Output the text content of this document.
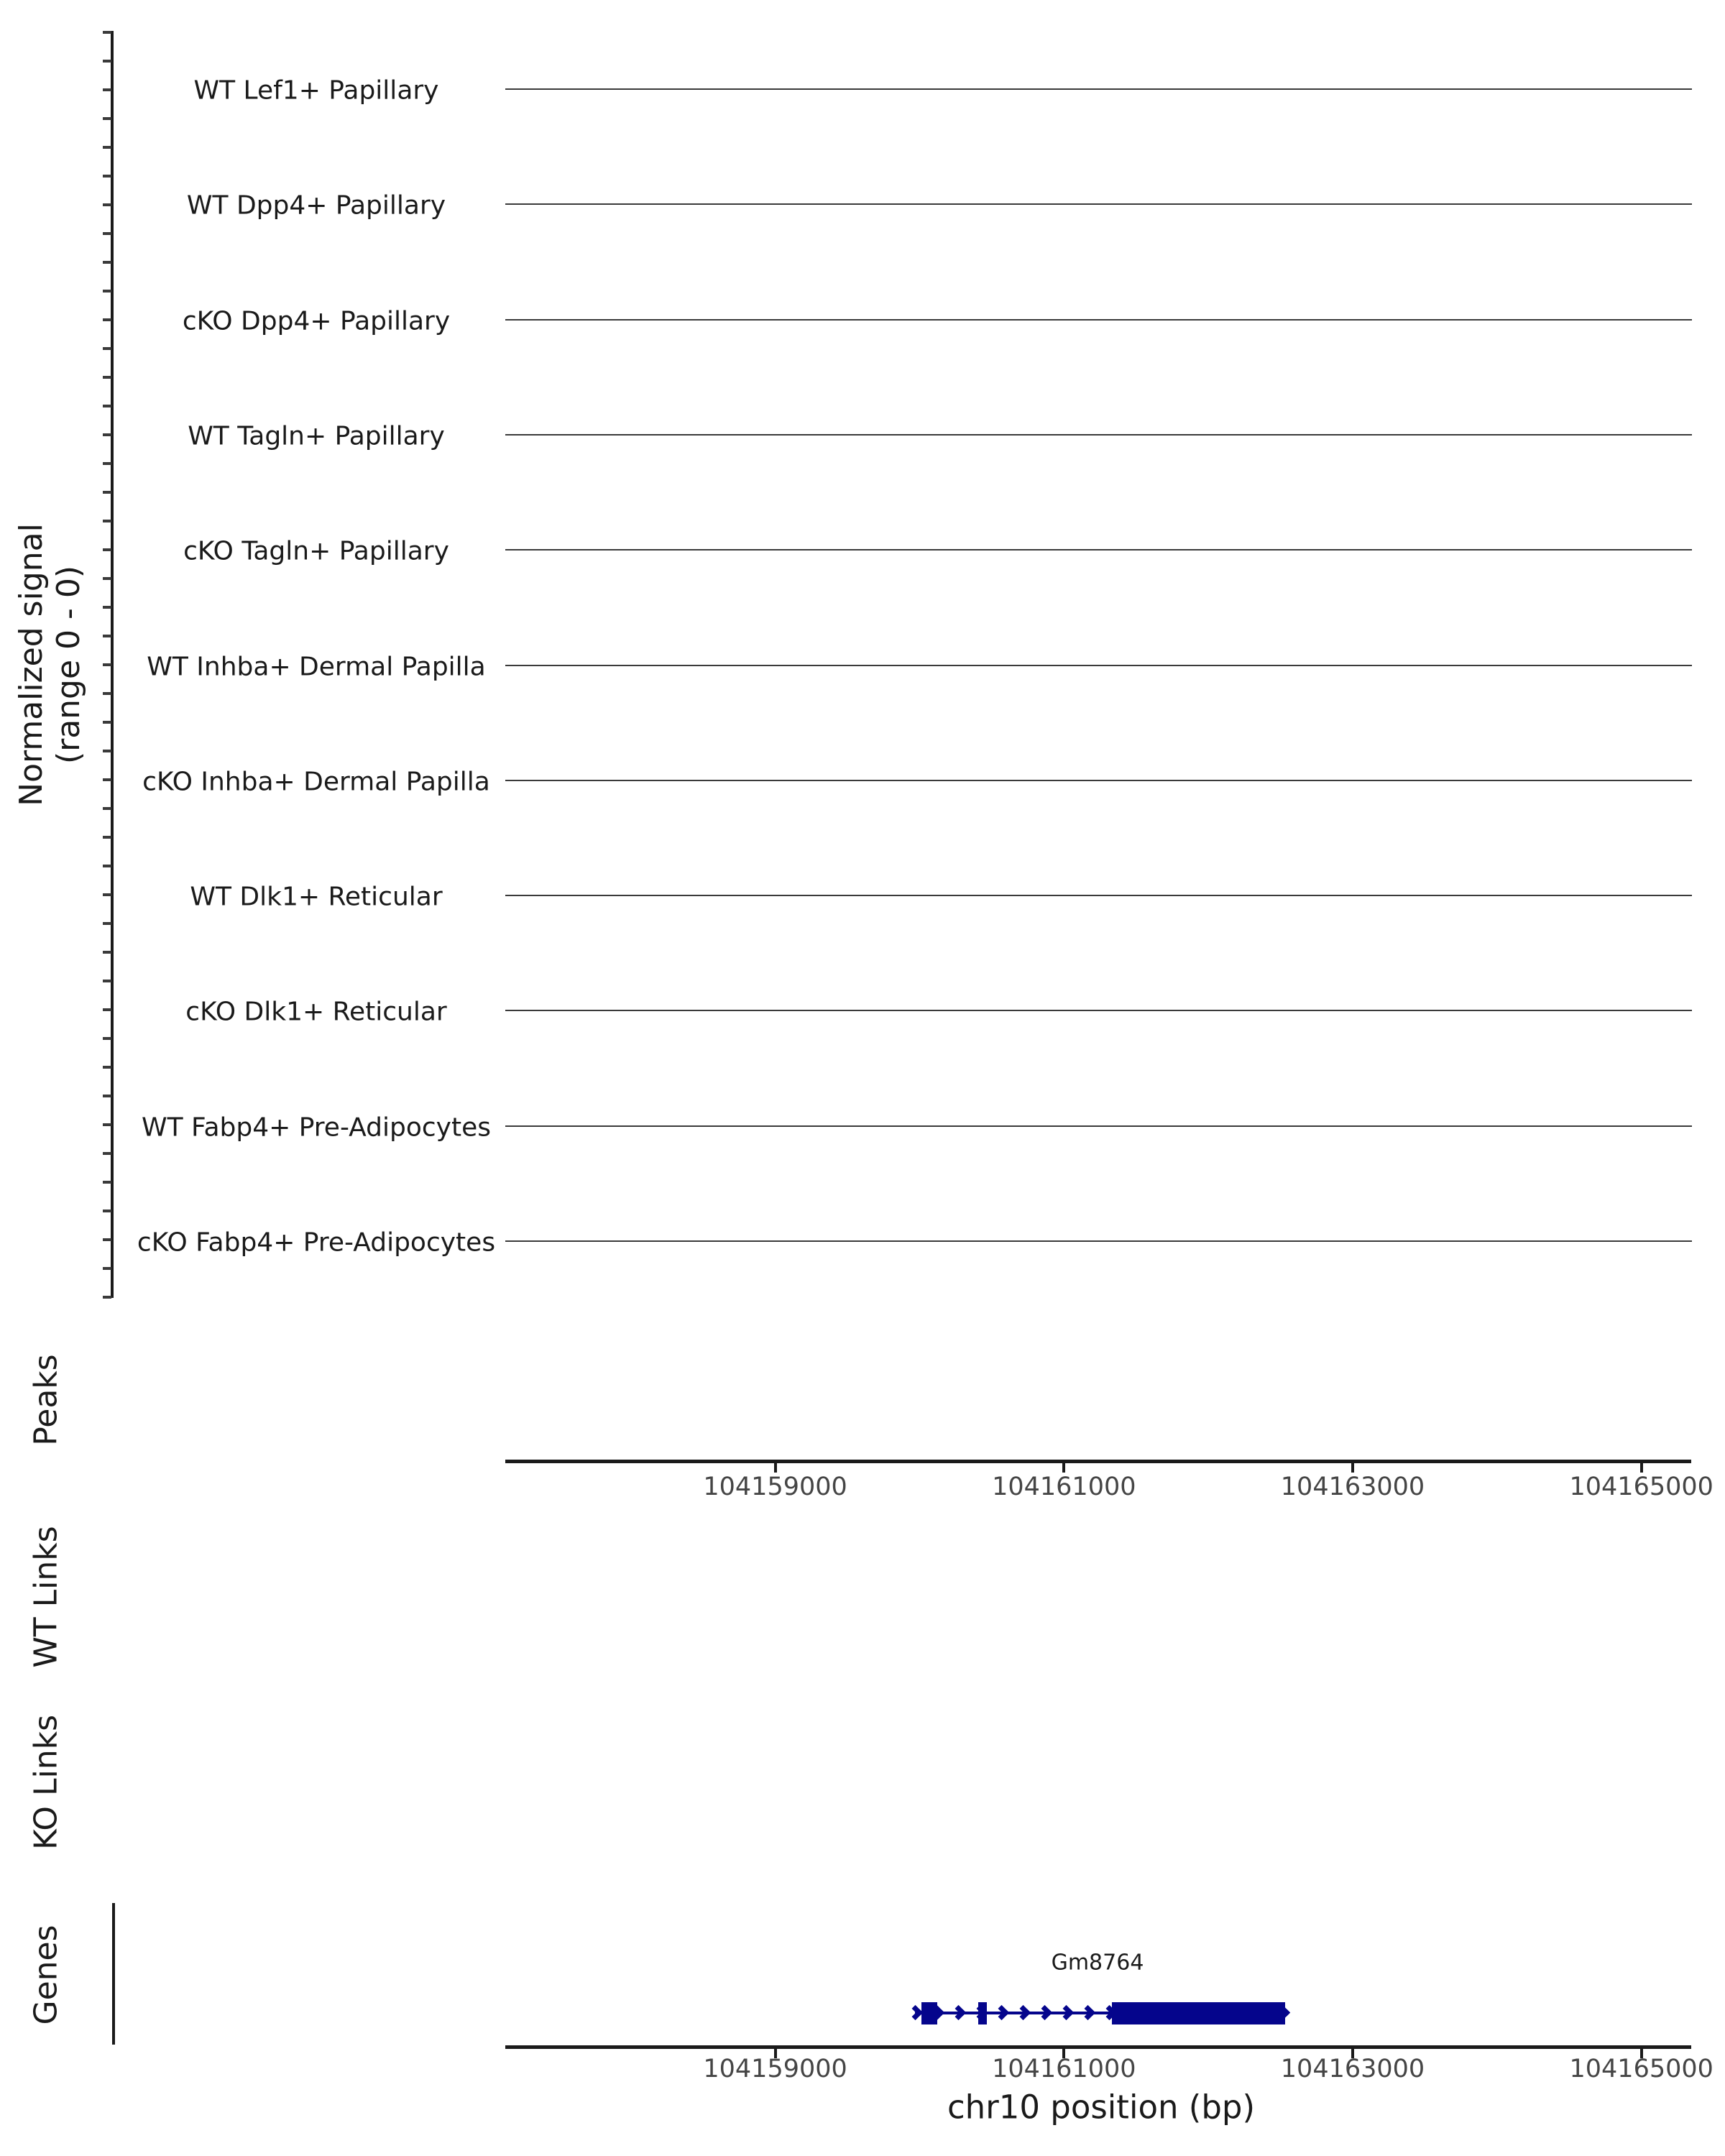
Normalized signal (range 0 - 0)
WT Lef1+ Papillary
WT Dpp4+ Papillary
cKO Dpp4+ Papillary
WT Tagln+ Papillary
cKO Tagln+ Papillary
WT Inhba+ Dermal Papilla
cKO Inhba+ Dermal Papilla
WT Dlk1+ Reticular
cKO Dlk1+ Reticular
WT Fabp4+ Pre-Adipocytes
cKO Fabp4+ Pre-Adipocytes
Peaks
WT Links
KO Links
Genes
104159000	104161000	104163000	104165000
104159000	104161000	104163000	104165000
Gm8764
chr10 position (bp)
